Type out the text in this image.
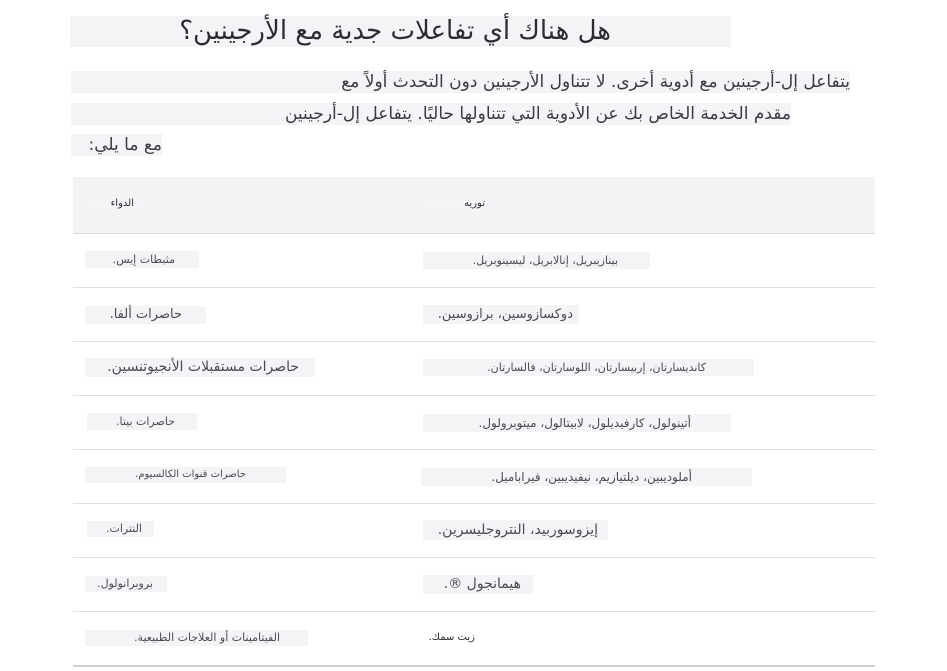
هل هناك أي تفاعلات جدية مع الأرجينين؟
يتفاعل إل-أرجينين مع أدوية أخرى. لا تتناول الأرجينين دون التحدث أولاً مع
مقدم الخدمة الخاص بك عن الأدوية التي تتناولها حاليًا. يتفاعل إل-أرجينين
مع ما يلي:
توريه
الدواء
بينازيبريل، إنالابريل، ليسينوبريل.
مثبطات إيس.
دوكسازوسين، برازوسين.
حاصرات ألفا.
كانديسارتان، إربيسارتان، اللوسارتان، فالسارتان.
حاصرات مستقبلات الأنجيوتنسين.
أتينولول، كارفيديلول، لابيتالول، ميتوبرولول.
حاصرات بيتا.
أملوديبين، ديلتيازيم، نيفيديبين، فيراباميل.
حاصرات قنوات الكالسيوم.
إيزوسوربيد، النتروجليسرين.
النترات.
هيمانجول ®.
بروبرانولول.
زيت سمك.
الفيتامينات أو العلاجات الطبيعية.
